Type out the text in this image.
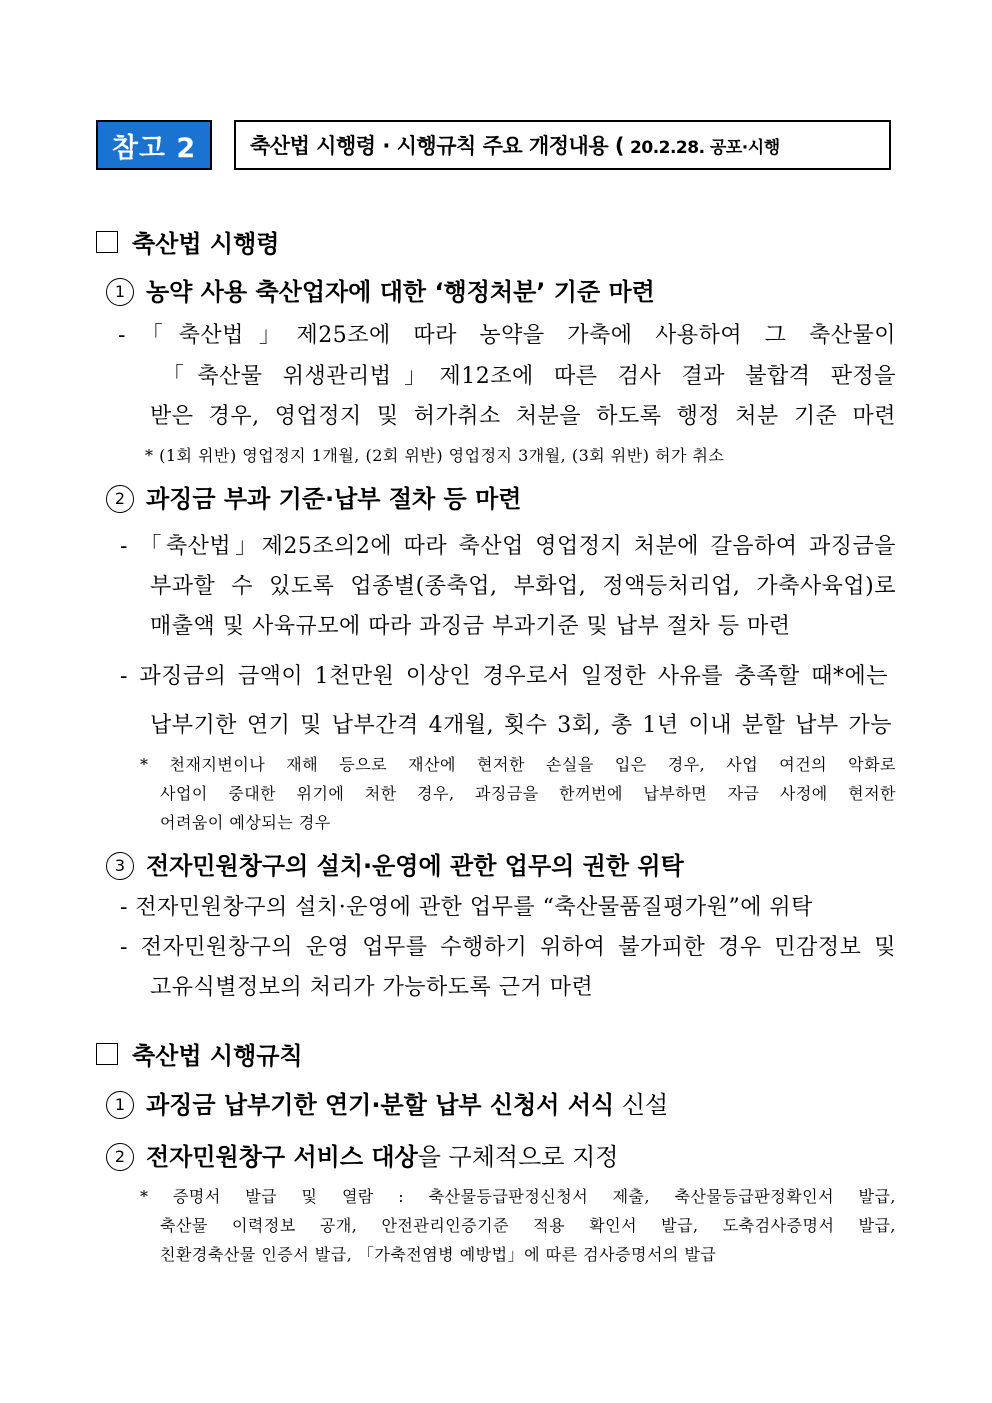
참고 2	축산법 시행령 · 시행규칙 주요 개정내용 ( 20.2.28. 공포·시행
축산법 시행령
1 농약 사용 축산업자에 대한 ‘행정처분’ 기준 마련
-「축산법」제25조에 따라 농약을 가축에 사용하여 그 축산물이
「축산물 위생관리법」제12조에 따른 검사 결과 불합격 판정을
받은 경우, 영업정지 및 허가취소 처분을 하도록 행정 처분 기준 마련
* (1회 위반) 영업정지 1개월, (2회 위반) 영업정지 3개월, (3회 위반) 허가 취소
2 과징금 부과 기준·납부 절차 등 마련
- 「축산법」제25조의2에 따라 축산업 영업정지 처분에 갈음하여 과징금을
부과할 수 있도록 업종별(종축업, 부화업, 정액등처리업, 가축사육업)로
매출액 및 사육규모에 따라 과징금 부과기준 및 납부 절차 등 마련
- 과징금의 금액이 1천만원 이상인 경우로서 일정한 사유를 충족할 때*에는
납부기한 연기 및 납부간격 4개월, 횟수 3회, 총 1년 이내 분할 납부 가능
* 천재지변이나 재해 등으로 재산에 현저한 손실을 입은 경우, 사업 여건의 악화로
사업이 중대한 위기에 처한 경우, 과징금을 한꺼번에 납부하면 자금 사정에 현저한
어려움이 예상되는 경우
3 전자민원창구의 설치·운영에 관한 업무의 권한 위탁
- 전자민원창구의 설치·운영에 관한 업무를 “축산물품질평가원”에 위탁
- 전자민원창구의 운영 업무를 수행하기 위하여 불가피한 경우 민감정보 및
고유식별정보의 처리가 가능하도록 근거 마련
축산법 시행규칙
1 과징금 납부기한 연기·분할 납부 신청서 서식 신설
2 전자민원창구 서비스 대상을 구체적으로 지정
* 증명서 발급 및 열람 : 축산물등급판정신청서 제출, 축산물등급판정확인서 발급,
축산물 이력정보 공개, 안전관리인증기준 적용 확인서 발급, 도축검사증명서 발급,
친환경축산물 인증서 발급, 「가축전염병 예방법」에 따른 검사증명서의 발급
